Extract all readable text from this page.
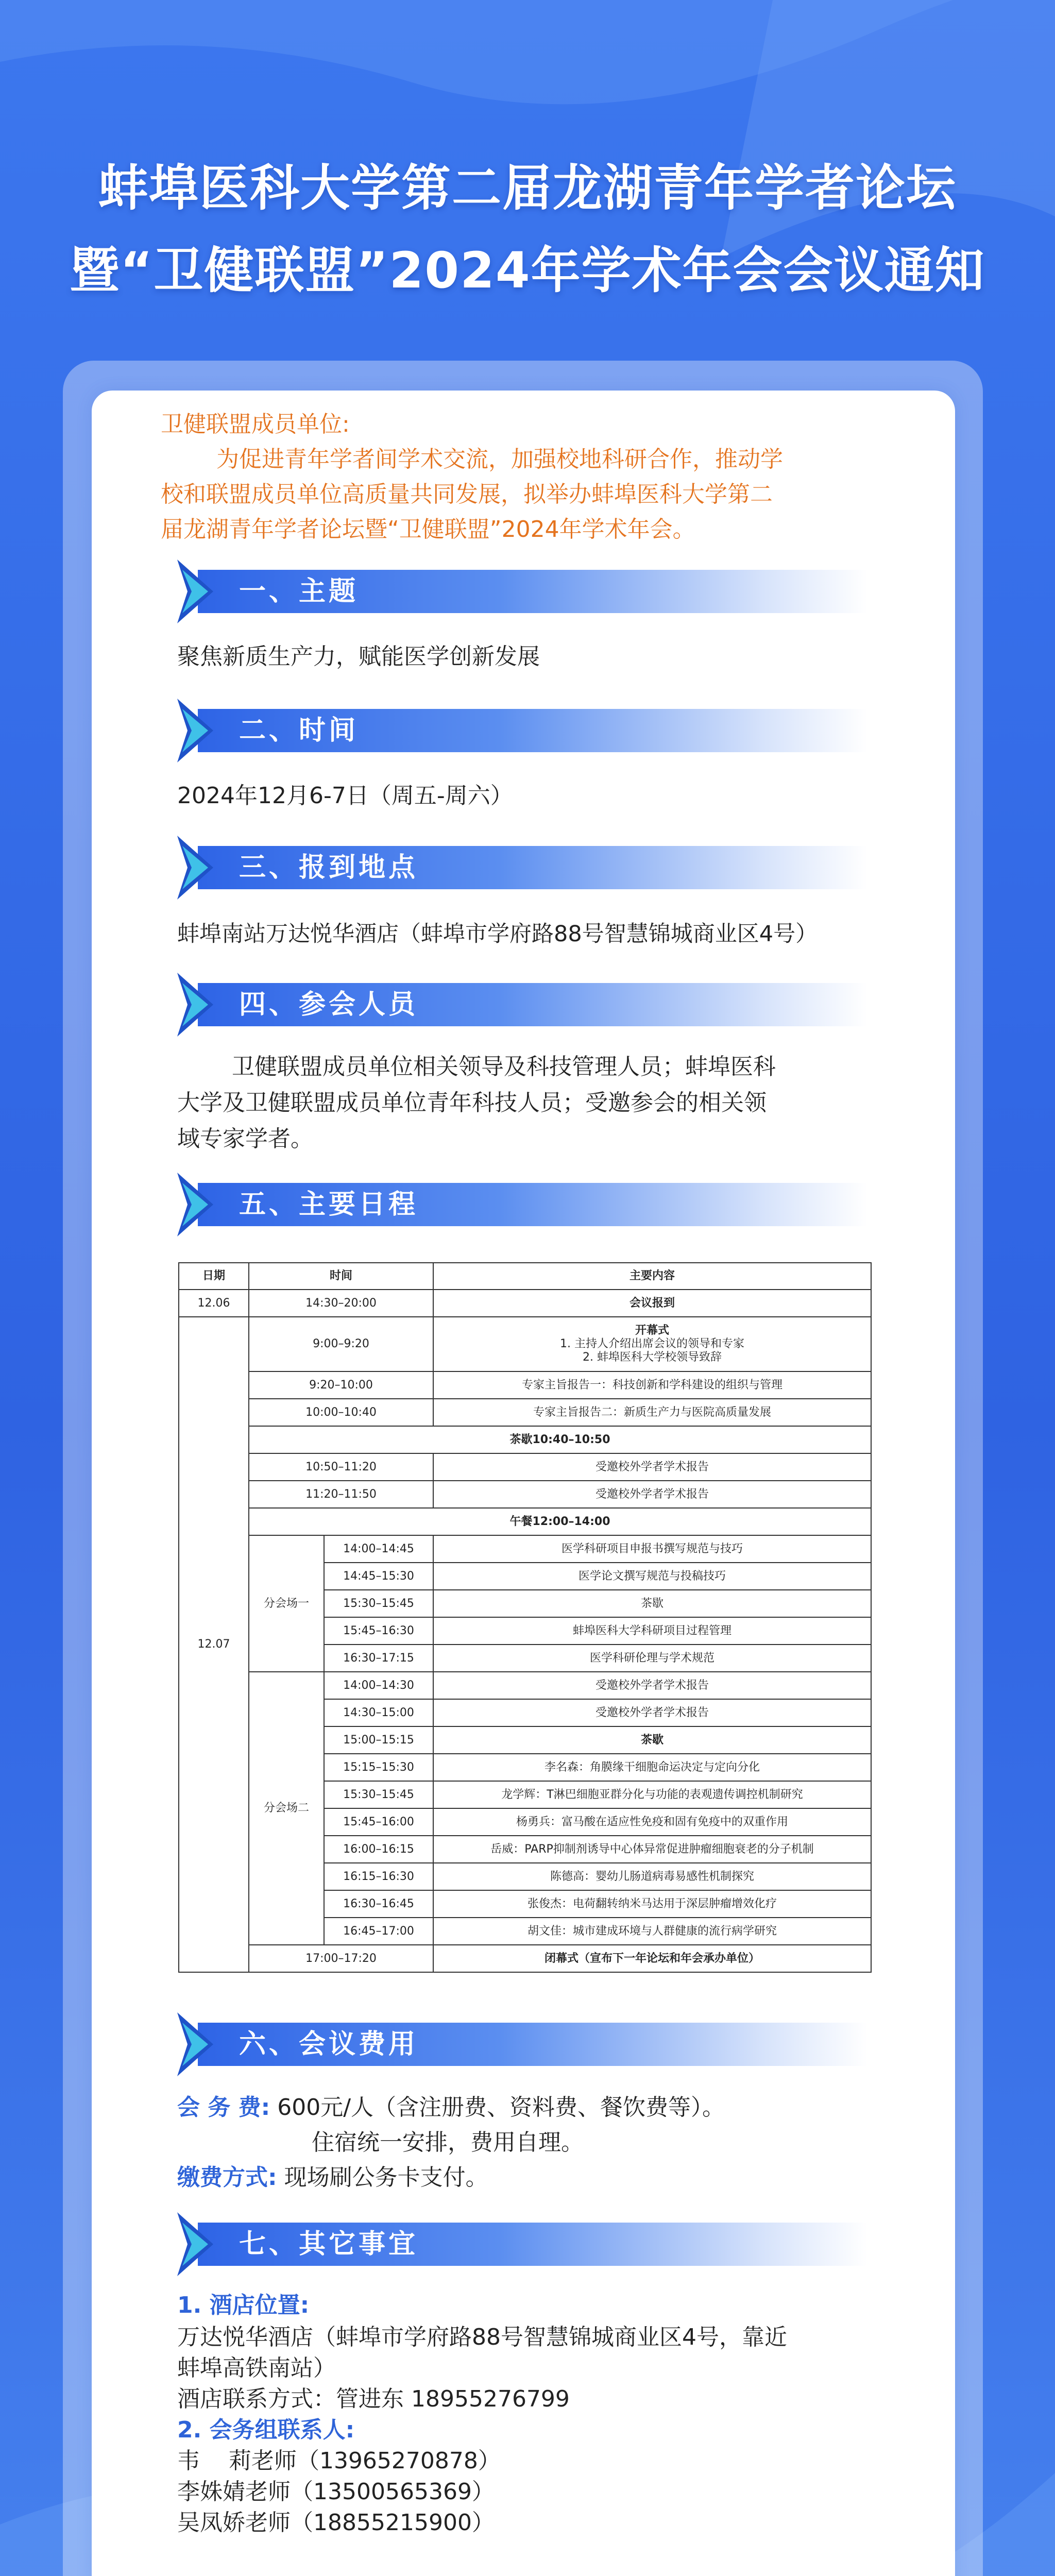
蚌埠医科大学第二届龙湖青年学者论坛
暨“卫健联盟”2024年学术年会会议通知
卫健联盟成员单位:
为促进青年学者间学术交流，加强校地科研合作，推动学
校和联盟成员单位高质量共同发展，拟举办蚌埠医科大学第二
届龙湖青年学者论坛暨“卫健联盟”2024年学术年会。
一、主题
聚焦新质生产力，赋能医学创新发展
二、时间
2024年12月6-7日（周五-周六）
三、报到地点
蚌埠南站万达悦华酒店（蚌埠市学府路88号智慧锦城商业区4号）
四、参会人员
卫健联盟成员单位相关领导及科技管理人员；蚌埠医科
大学及卫健联盟成员单位青年科技人员；受邀参会的相关领
域专家学者。
五、主要日程
日期	时间		主要内容
12.06	14:30–20:00		会议报到
12.07	9:00–9:20		开幕式
1. 主持人介绍出席会议的领导和专家
2. 蚌埠医科大学校领导致辞

	9:20–10:00		专家主旨报告一：科技创新和学科建设的组织与管理
	10:00–10:40		专家主旨报告二：新质生产力与医院高质量发展
	茶歇10:40–10:50		
	10:50–11:20		受邀校外学者学术报告
	11:20–11:50		受邀校外学者学术报告
	午餐12:00–14:00		
	分会场一	14:00–14:45	医学科研项目申报书撰写规范与技巧
		14:45–15:30	医学论文撰写规范与投稿技巧
		15:30–15:45	茶歇
		15:45–16:30	蚌埠医科大学科研项目过程管理
		16:30–17:15	医学科研伦理与学术规范
	分会场二	14:00–14:30	受邀校外学者学术报告
		14:30–15:00	受邀校外学者学术报告
		15:00–15:15	茶歇
		15:15–15:30	李名森：角膜缘干细胞命运决定与定向分化
		15:30–15:45	龙学辉：T淋巴细胞亚群分化与功能的表观遗传调控机制研究
		15:45–16:00	杨勇兵：富马酸在适应性免疫和固有免疫中的双重作用
		16:00–16:15	岳威：PARP抑制剂诱导中心体异常促进肿瘤细胞衰老的分子机制
		16:15–16:30	陈德高：婴幼儿肠道病毒易感性机制探究
		16:30–16:45	张俊杰：电荷翻转纳米马达用于深层肿瘤增效化疗
		16:45–17:00	胡文佳：城市建成环境与人群健康的流行病学研究
	17:00–17:20		闭幕式（宣布下一年论坛和年会承办单位）
六、会议费用
会 务 费: 600元/人（含注册费、资料费、餐饮费等）。
住宿统一安排，费用自理。
缴费方式: 现场刷公务卡支付。
七、其它事宜
1. 酒店位置:
万达悦华酒店（蚌埠市学府路88号智慧锦城商业区4号，靠近
蚌埠高铁南站）
酒店联系方式：管进东 18955276799
2. 会务组联系人:
韦    莉老师（13965270878）
李姝婧老师（13500565369）
吴凤娇老师（18855215900）
